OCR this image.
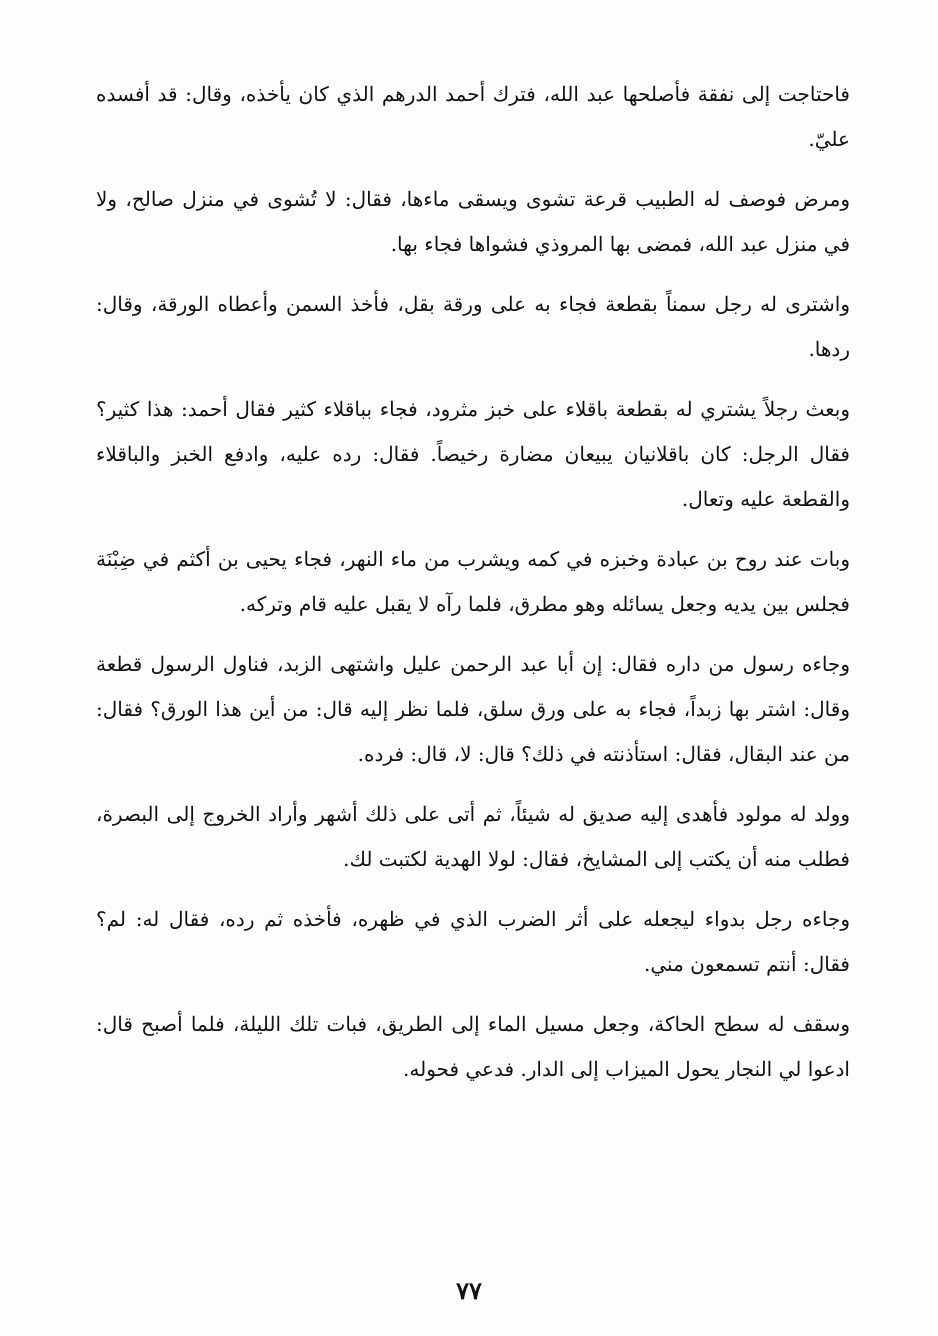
فاحتاجت إلى نفقة فأصلحها عبد الله، فترك أحمد الدرهم الذي كان يأخذه، وقال: قد أفسده عليّ.

ومرض فوصف له الطبيب قرعة تشوى ويسقى ماءها، فقال: لا تُشوى في منزل صالح، ولا في منزل عبد الله، فمضى بها المروذي فشواها فجاء بها.

واشترى له رجل سمناً بقطعة فجاء به على ورقة بقل، فأخذ السمن وأعطاه الورقة، وقال: ردها.

وبعث رجلاً يشتري له بقطعة باقلاء على خبز مثرود، فجاء بباقلاء كثير فقال أحمد: هذا كثير؟ فقال الرجل: كان باقلانيان يبيعان مضارة رخيصاً. فقال: رده عليه، وادفع الخبز والباقلاء والقطعة عليه وتعال.

وبات عند روح بن عبادة وخبزه في كمه ويشرب من ماء النهر، فجاء يحيى بن أكثم في ضِبْنَة فجلس بين يديه وجعل يسائله وهو مطرق، فلما رآه لا يقبل عليه قام وتركه.

وجاءه رسول من داره فقال: إن أبا عبد الرحمن عليل واشتهى الزبد، فناول الرسول قطعة وقال: اشتر بها زبداً، فجاء به على ورق سلق، فلما نظر إليه قال: من أين هذا الورق؟ فقال: من عند البقال، فقال: استأذنته في ذلك؟ قال: لا، قال: فرده.

وولد له مولود فأهدى إليه صديق له شيئاً، ثم أتى على ذلك أشهر وأراد الخروج إلى البصرة، فطلب منه أن يكتب إلى المشايخ، فقال: لولا الهدية لكتبت لك.

وجاءه رجل بدواء ليجعله على أثر الضرب الذي في ظهره، فأخذه ثم رده، فقال له: لم؟ فقال: أنتم تسمعون مني.

وسقف له سطح الحاكة، وجعل مسيل الماء إلى الطريق، فبات تلك الليلة، فلما أصبح قال: ادعوا لي النجار يحول الميزاب إلى الدار. فدعي فحوله.

٧٧
